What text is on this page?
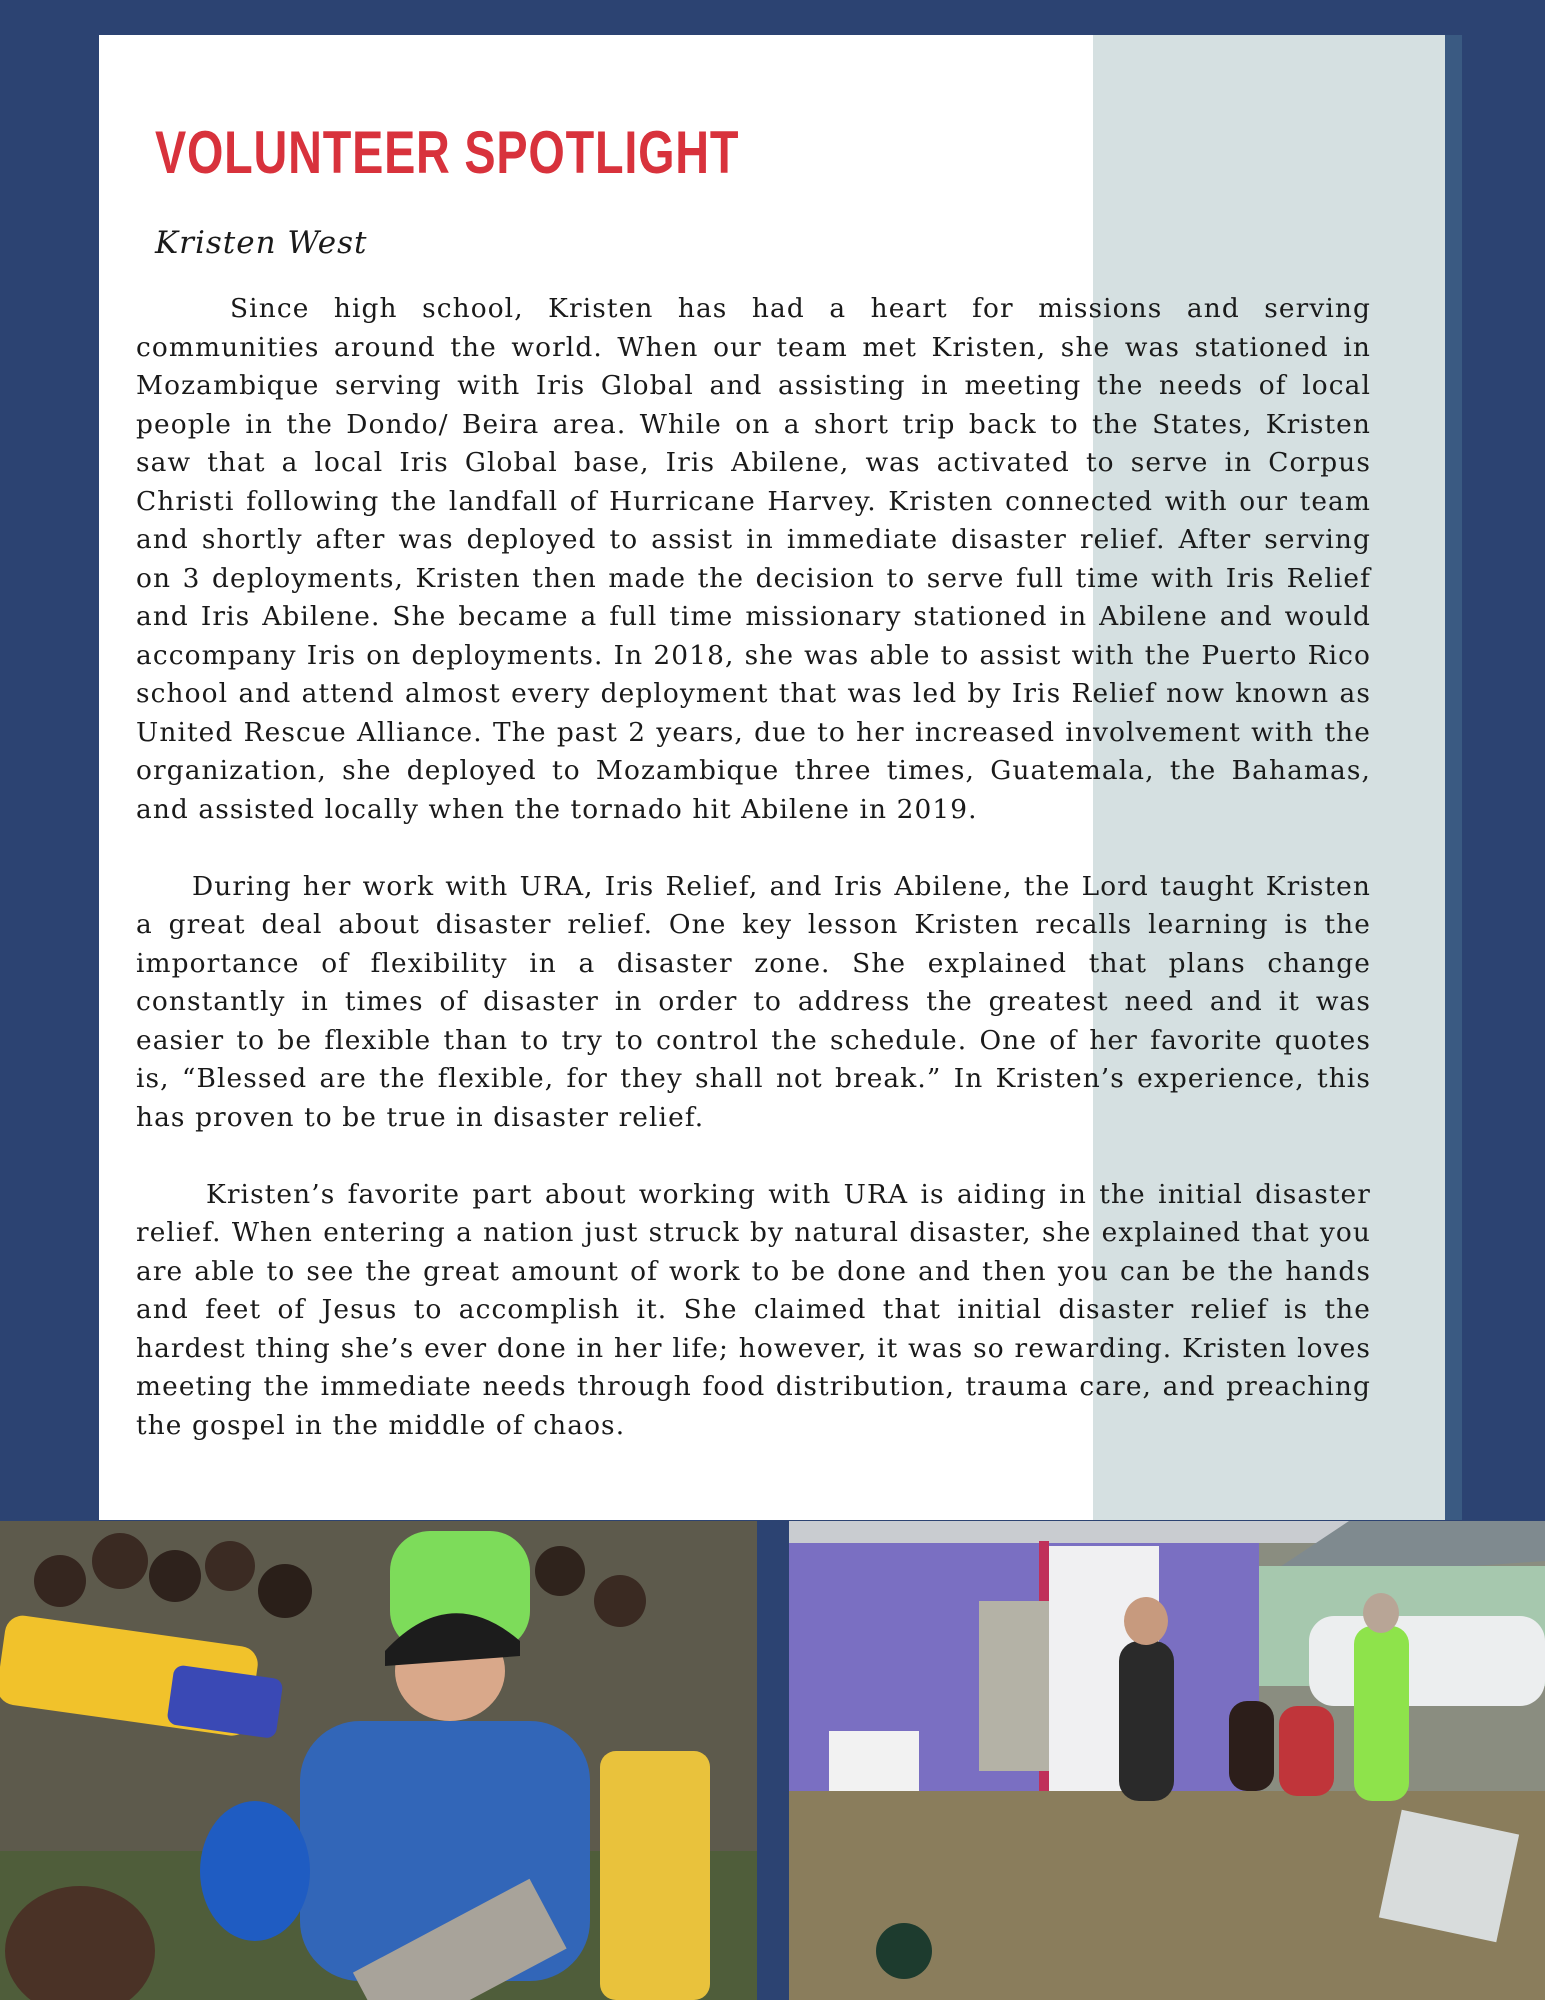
VOLUNTEER SPOTLIGHT
Kristen West

Since high school, Kristen has had a heart for missions and serving communities around the world. When our team met Kristen, she was stationed in Mozambique serving with Iris Global and assisting in meeting the needs of local people in the Dondo/ Beira area. While on a short trip back to the States, Kristen saw that a local Iris Global base, Iris Abilene, was activated to serve in Corpus Christi following the landfall of Hurricane Harvey. Kristen connected with our team and shortly after was deployed to assist in immediate disaster relief. After serving on 3 deployments, Kristen then made the decision to serve full time with Iris Relief and Iris Abilene. She became a full time missionary stationed in Abilene and would accompany Iris on deployments. In 2018, she was able to assist with the Puerto Rico school and attend almost every deployment that was led by Iris Relief now known as United Rescue Alliance. The past 2 years, due to her increased involvement with the organization, she deployed to Mozambique three times, Guatemala, the Bahamas, and assisted locally when the tornado hit Abilene in 2019.

During her work with URA, Iris Relief, and Iris Abilene, the Lord taught Kristen a great deal about disaster relief. One key lesson Kristen recalls learning is the importance of flexibility in a disaster zone. She explained that plans change constantly in times of disaster in order to address the greatest need and it was easier to be flexible than to try to control the schedule. One of her favorite quotes is, “Blessed are the flexible, for they shall not break.” In Kristen’s experience, this has proven to be true in disaster relief.

Kristen’s favorite part about working with URA is aiding in the initial disaster relief. When entering a nation just struck by natural disaster, she explained that you are able to see the great amount of work to be done and then you can be the hands and feet of Jesus to accomplish it. She claimed that initial disaster relief is the hardest thing she’s ever done in her life; however, it was so rewarding. Kristen loves meeting the immediate needs through food distribution, trauma care, and preaching the gospel in the middle of chaos.
